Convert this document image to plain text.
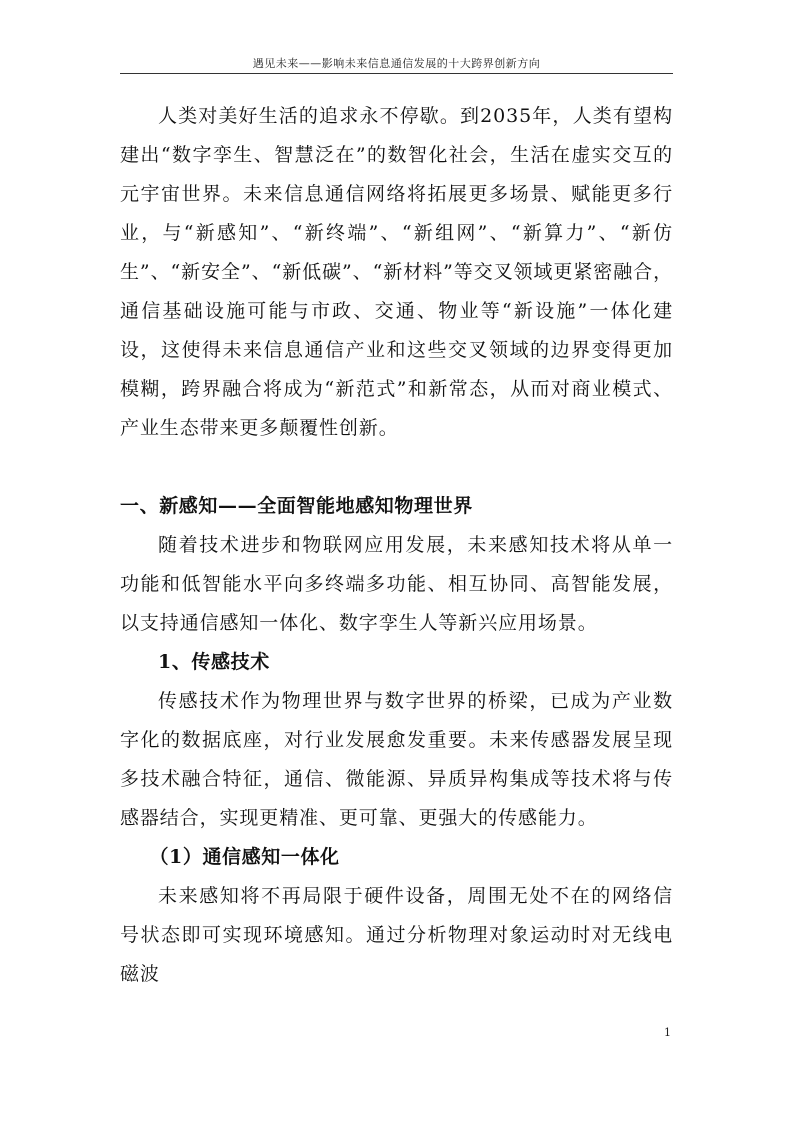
遇见未来——影响未来信息通信发展的十大跨界创新方向

人类对美好生活的追求永不停歇。到2035年，人类有望构建出“数字孪生、智慧泛在”的数智化社会，生活在虚实交互的元宇宙世界。未来信息通信网络将拓展更多场景、赋能更多行业，与“新感知”、“新终端”、“新组网”、“新算力”、“新仿生”、“新安全”、“新低碳”、“新材料”等交叉领域更紧密融合，通信基础设施可能与市政、交通、物业等“新设施”一体化建设，这使得未来信息通信产业和这些交叉领域的边界变得更加模糊，跨界融合将成为“新范式”和新常态，从而对商业模式、产业生态带来更多颠覆性创新。

一、新感知——全面智能地感知物理世界

随着技术进步和物联网应用发展，未来感知技术将从单一功能和低智能水平向多终端多功能、相互协同、高智能发展，以支持通信感知一体化、数字孪生人等新兴应用场景。

1、传感技术

传感技术作为物理世界与数字世界的桥梁，已成为产业数字化的数据底座，对行业发展愈发重要。未来传感器发展呈现多技术融合特征，通信、微能源、异质异构集成等技术将与传感器结合，实现更精准、更可靠、更强大的传感能力。

（1）通信感知一体化

未来感知将不再局限于硬件设备，周围无处不在的网络信号状态即可实现环境感知。通过分析物理对象运动时对无线电磁波

1
